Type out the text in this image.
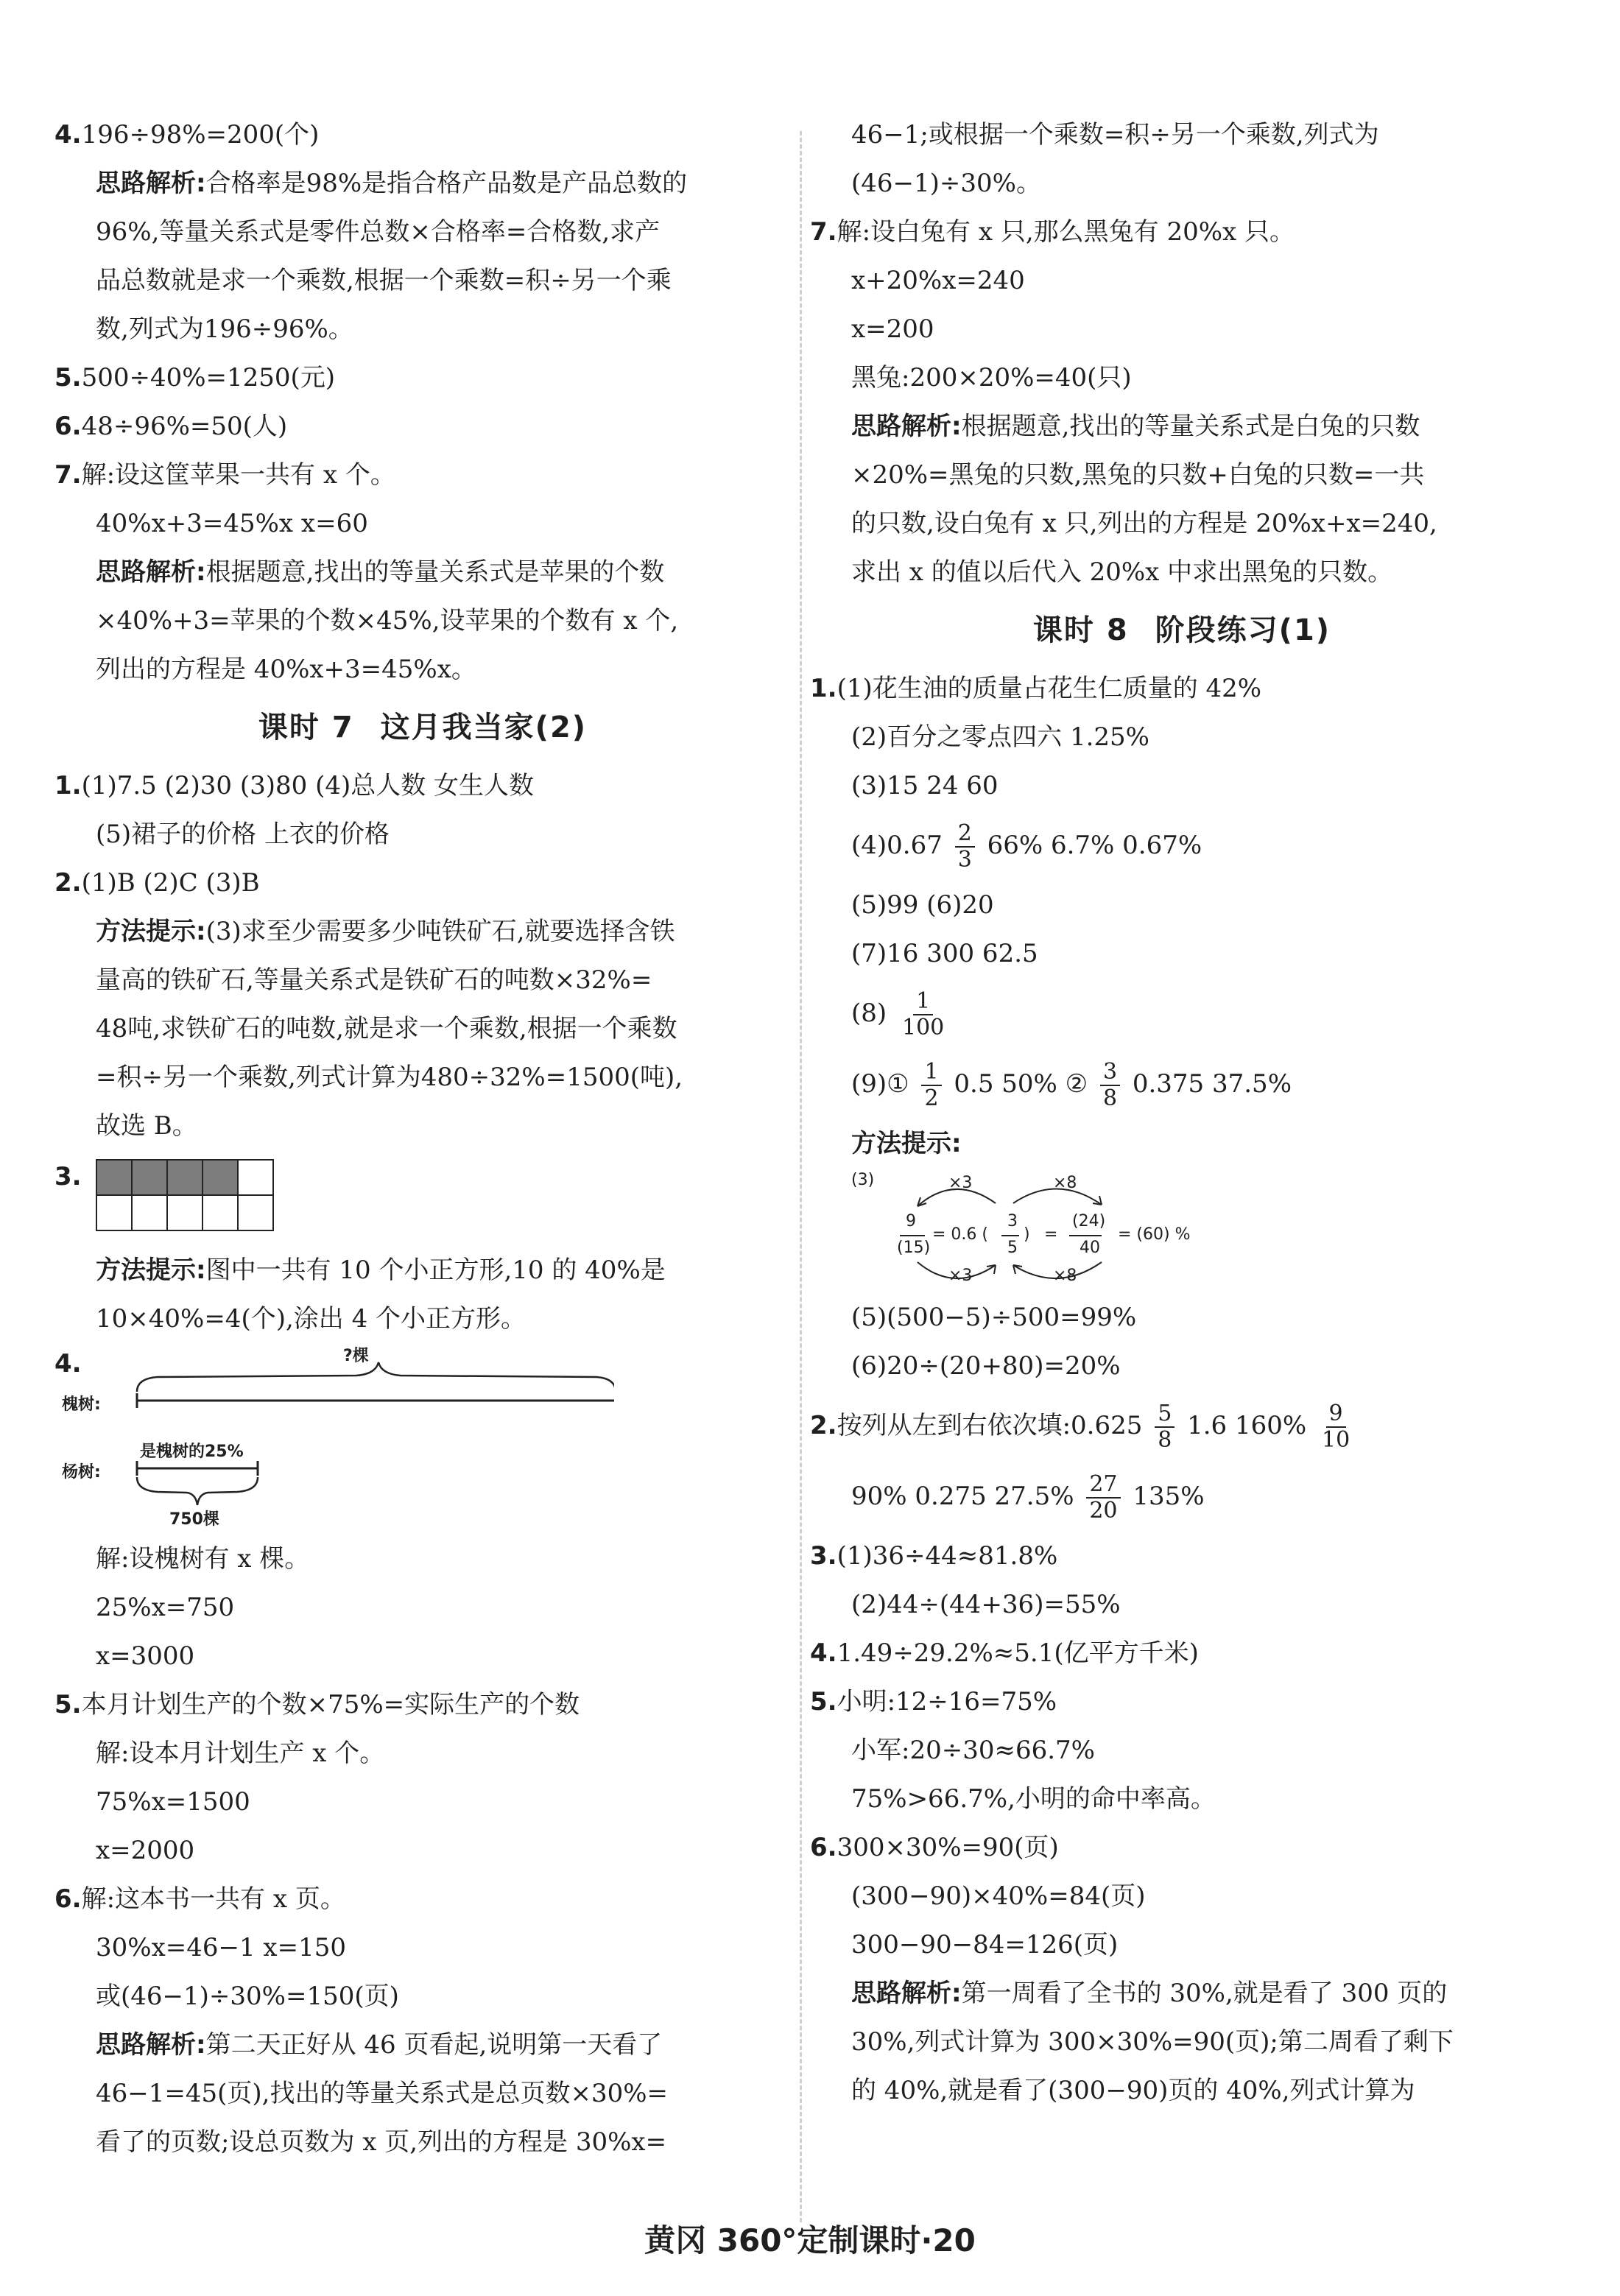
4.196÷98%=200(个)
思路解析:合格率是98%是指合格产品数是产品总数的
96%,等量关系式是零件总数×合格率=合格数,求产
品总数就是求一个乘数,根据一个乘数=积÷另一个乘
数,列式为196÷96%。
5.500÷40%=1250(元)
6.48÷96%=50(人)
7.解:设这筐苹果一共有 x 个。
40%x+3=45%x x=60
思路解析:根据题意,找出的等量关系式是苹果的个数
×40%+3=苹果的个数×45%,设苹果的个数有 x 个,
列出的方程是 40%x+3=45%x。
课时 7 这月我当家(2)
1.(1)7.5 (2)30 (3)80 (4)总人数 女生人数
(5)裙子的价格 上衣的价格
2.(1)B (2)C (3)B
方法提示:(3)求至少需要多少吨铁矿石,就要选择含铁
量高的铁矿石,等量关系式是铁矿石的吨数×32%=
48吨,求铁矿石的吨数,就是求一个乘数,根据一个乘数
=积÷另一个乘数,列式计算为480÷32%=1500(吨),
故选 B。
3.

方法提示:图中一共有 10 个小正方形,10 的 40%是
10×40%=4(个),涂出 4 个小正方形。
4.	?棵
槐树:
杨树:
是槐树的25%
750棵
解:设槐树有 x 棵。
25%x=750
x=3000
5.本月计划生产的个数×75%=实际生产的个数
解:设本月计划生产 x 个。
75%x=1500
x=2000
6.解:这本书一共有 x 页。
30%x=46−1 x=150
或(46−1)÷30%=150(页)
思路解析:第二天正好从 46 页看起,说明第一天看了
46−1=45(页),找出的等量关系式是总页数×30%=
看了的页数;设总页数为 x 页,列出的方程是 30%x=
46−1;或根据一个乘数=积÷另一个乘数,列式为
(46−1)÷30%。
7.解:设白兔有 x 只,那么黑兔有 20%x 只。
x+20%x=240
x=200
黑兔:200×20%=40(只)
思路解析:根据题意,找出的等量关系式是白兔的只数
×20%=黑兔的只数,黑兔的只数+白兔的只数=一共
的只数,设白兔有 x 只,列出的方程是 20%x+x=240,
求出 x 的值以后代入 20%x 中求出黑兔的只数。
课时 8 阶段练习(1)
1.(1)花生油的质量占花生仁质量的 42%
(2)百分之零点四六 1.25%
(3)15 24 60
$(4)0.67 \frac{2}{3} 66\%$ 6.7% 0.67%
(5)99 (6)20
(7)16 300 62.5
$(8) \frac{1}{100}$
(9)① $\frac{1}{2} 0.5$ 50% ② $\frac{3}{8} 0.375$ 37.5%
方法提示:
(3)	×3	×8
9
(15)
= 0.6 (
3
5
) =
(24)
40
= (60) %
×3	×8
(5)(500−5)÷500=99%
(6)20÷(20+80)=20%
2.按列从左到右依次填:0.625 $\frac{5}{8} 1.6$ $160\% \frac{9}{10}$
90% 0.275 $27.5\% \frac{27}{20} 135\%$
3.(1)36÷44≈81.8%
(2)44÷(44+36)=55%
4.1.49÷29.2%≈5.1(亿平方千米)
5.小明:12÷16=75%
小军:20÷30≈66.7%
75%>66.7%,小明的命中率高。
6.300×30%=90(页)
(300−90)×40%=84(页)
300−90−84=126(页)
思路解析:第一周看了全书的 30%,就是看了 300 页的
30%,列式计算为 300×30%=90(页);第二周看了剩下
的 40%,就是看了(300−90)页的 40%,列式计算为
黄冈 360°定制课时·20
